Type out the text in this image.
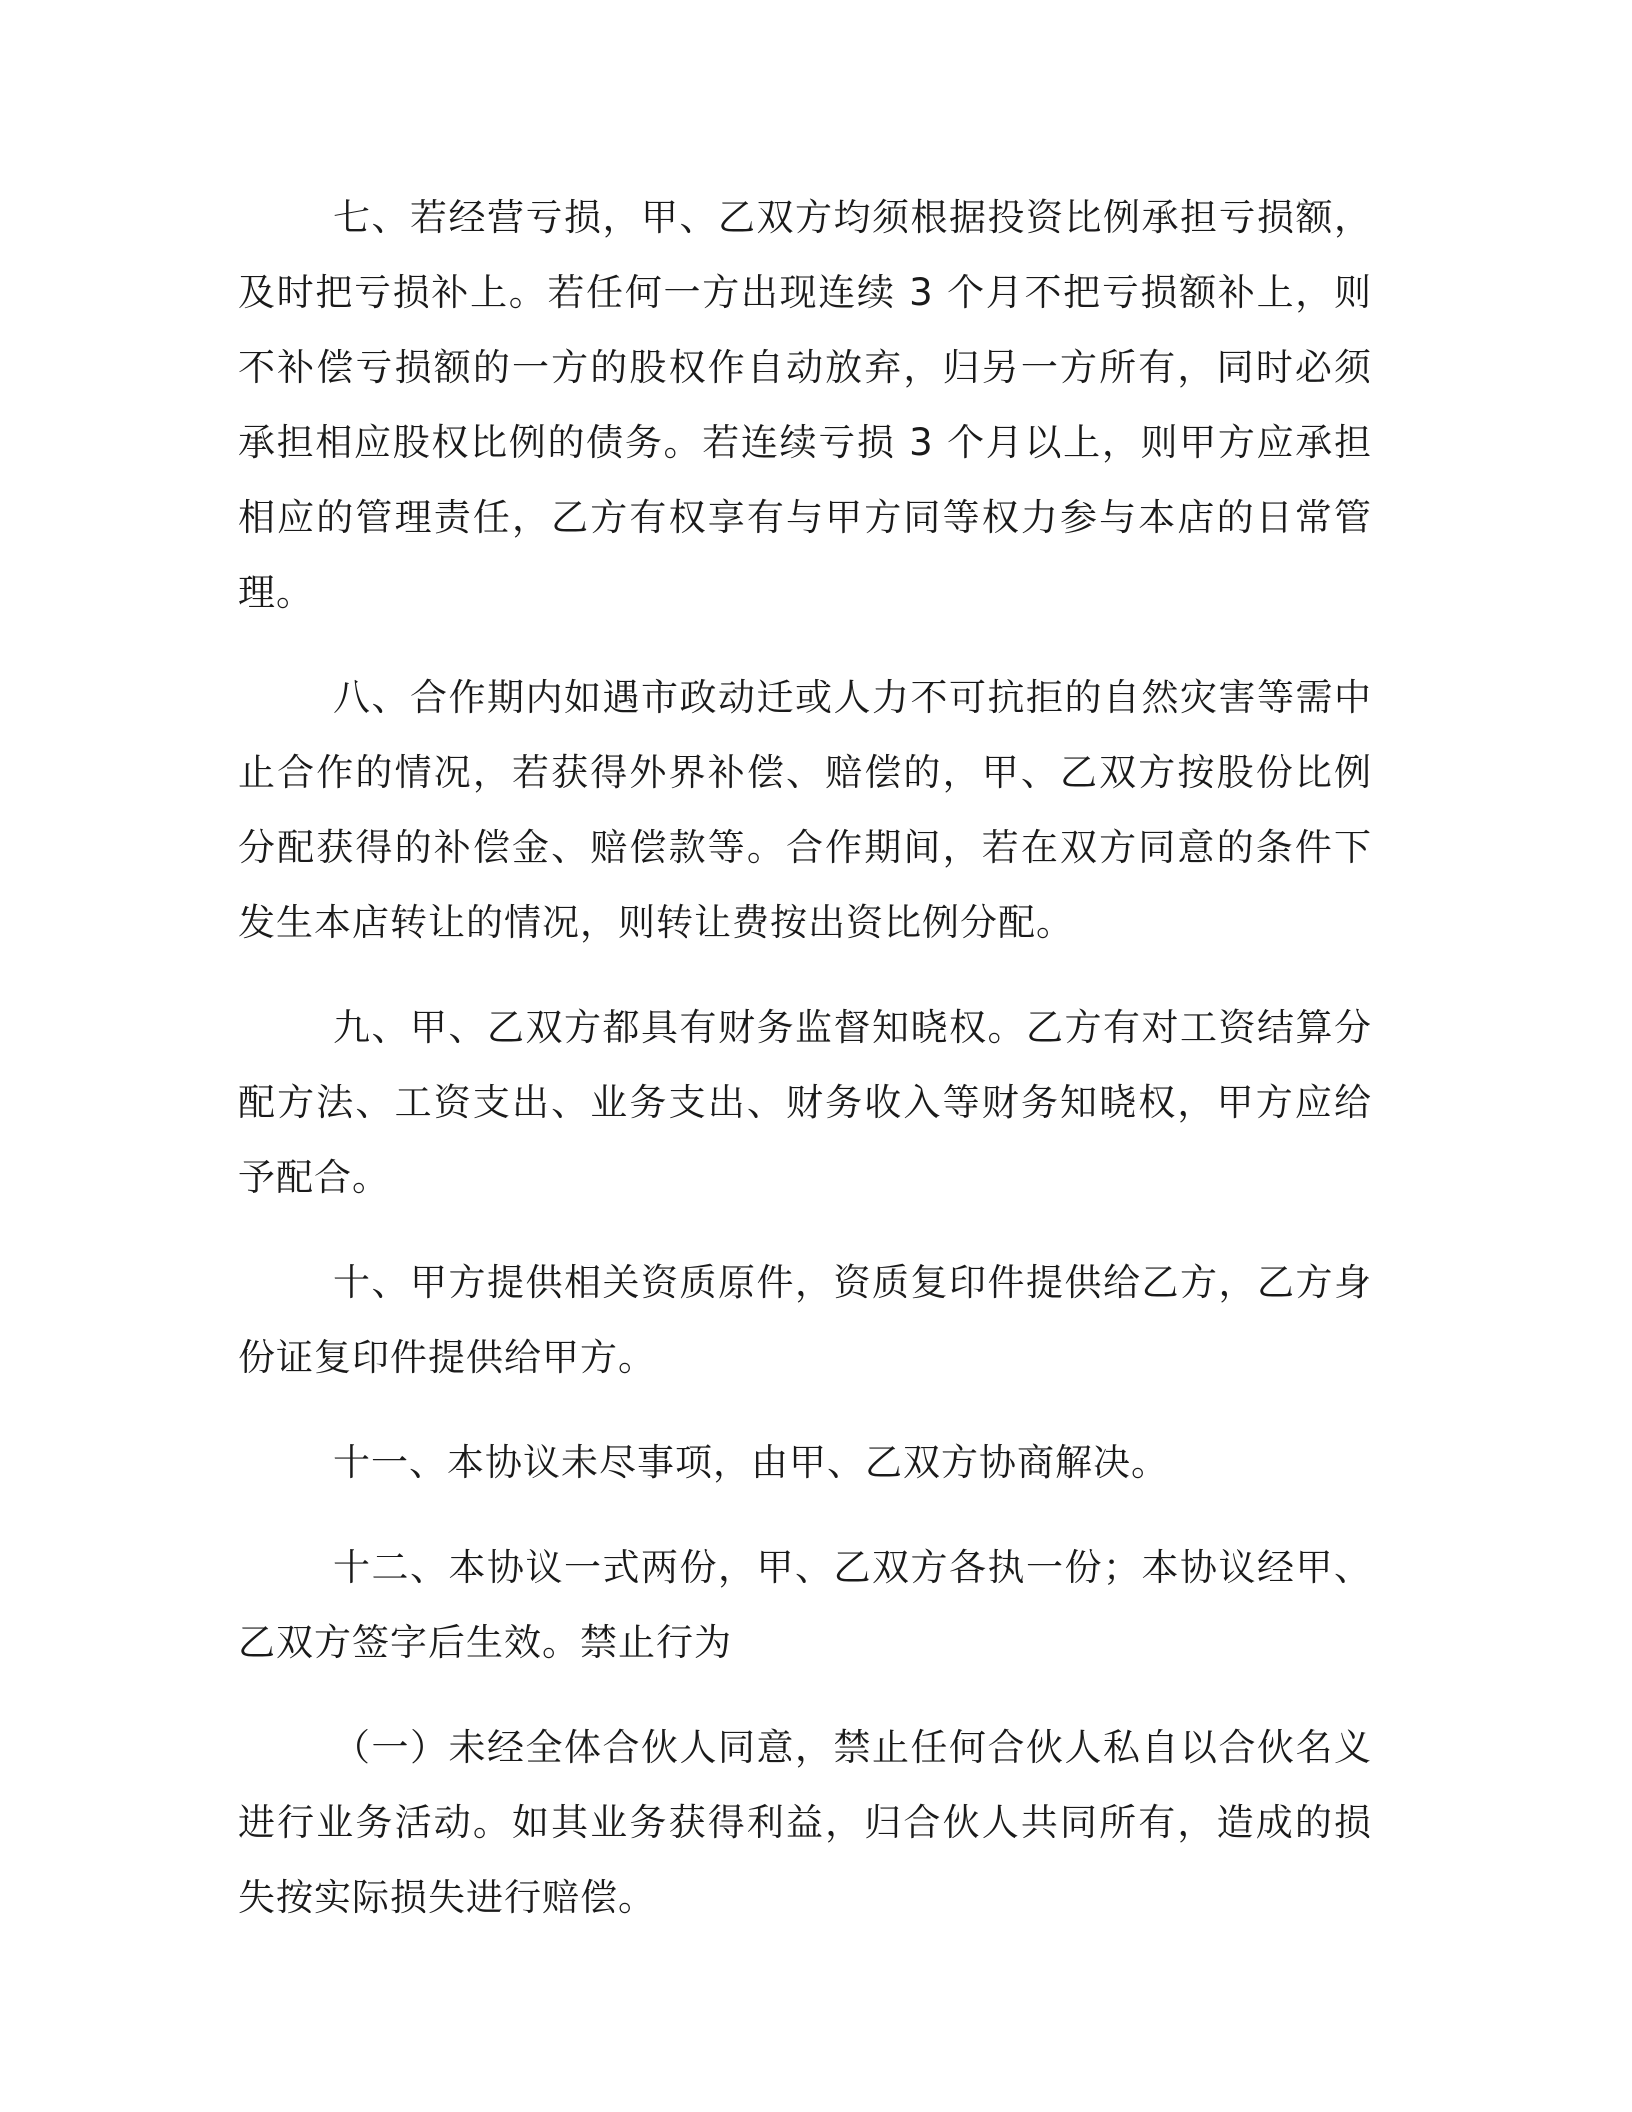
七、若经营亏损，甲、乙双方均须根据投资比例承担亏损额，及时把亏损补上。若任何一方出现连续 3 个月不把亏损额补上，则不补偿亏损额的一方的股权作自动放弃，归另一方所有，同时必须承担相应股权比例的债务。若连续亏损 3 个月以上，则甲方应承担相应的管理责任，乙方有权享有与甲方同等权力参与本店的日常管理。

八、合作期内如遇市政动迁或人力不可抗拒的自然灾害等需中止合作的情况，若获得外界补偿、赔偿的，甲、乙双方按股份比例分配获得的补偿金、赔偿款等。合作期间，若在双方同意的条件下发生本店转让的情况，则转让费按出资比例分配。

九、甲、乙双方都具有财务监督知晓权。乙方有对工资结算分配方法、工资支出、业务支出、财务收入等财务知晓权，甲方应给予配合。

十、甲方提供相关资质原件，资质复印件提供给乙方，乙方身份证复印件提供给甲方。

十一、本协议未尽事项，由甲、乙双方协商解决。

十二、本协议一式两份，甲、乙双方各执一份；本协议经甲、乙双方签字后生效。禁止行为

（一）未经全体合伙人同意，禁止任何合伙人私自以合伙名义进行业务活动。如其业务获得利益，归合伙人共同所有，造成的损失按实际损失进行赔偿。
